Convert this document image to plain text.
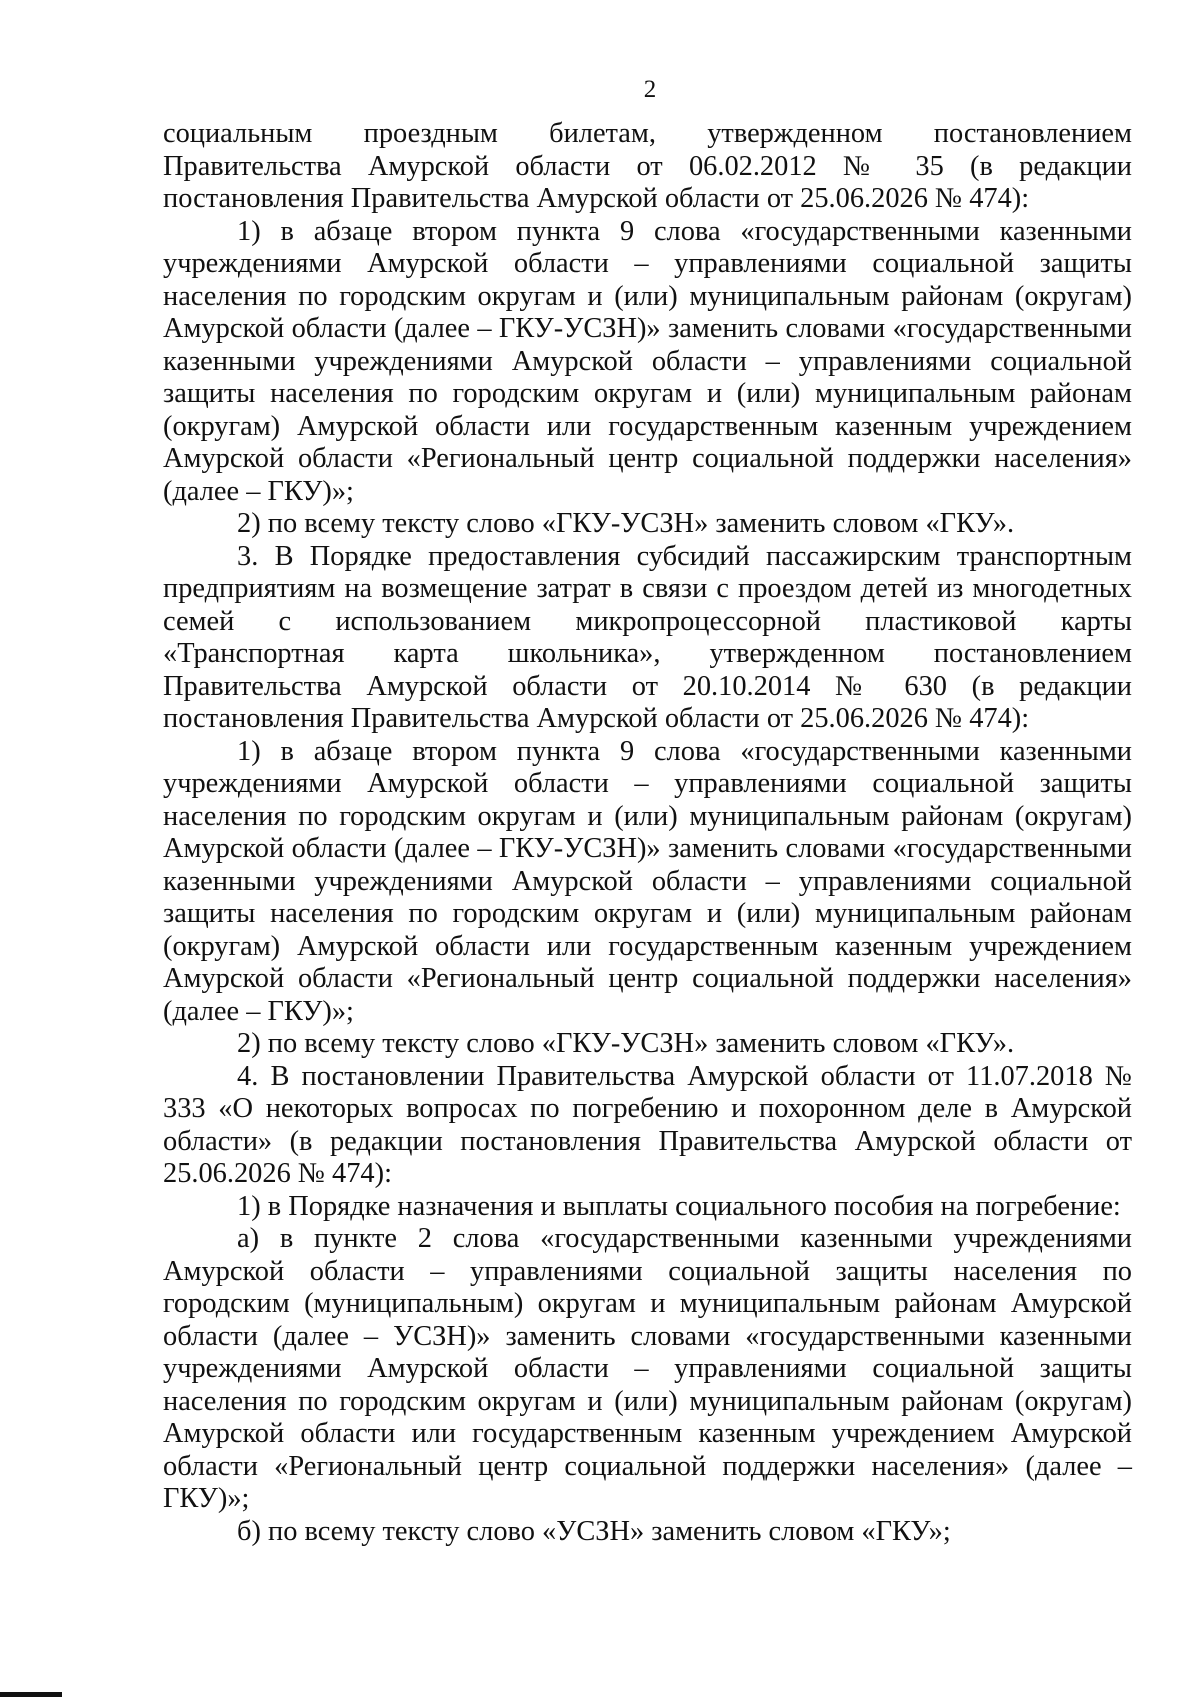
2

социальным проездным билетам, утвержденном постановлением Правительства Амурской области от 06.02.2012 № 35 (в редакции постановления Правительства Амурской области от 25.06.2026 № 474):

1) в абзаце втором пункта 9 слова «государственными казенными учреждениями Амурской области – управлениями социальной защиты населения по городским округам и (или) муниципальным районам (округам) Амурской области (далее – ГКУ-УСЗН)» заменить словами «государственными казенными учреждениями Амурской области – управлениями социальной защиты населения по городским округам и (или) муниципальным районам (округам) Амурской области или государственным казенным учреждением Амурской области «Региональный центр социальной поддержки населения» (далее – ГКУ)»;

2) по всему тексту слово «ГКУ-УСЗН» заменить словом «ГКУ».

3. В Порядке предоставления субсидий пассажирским транспортным предприятиям на возмещение затрат в связи с проездом детей из многодетных семей с использованием микропроцессорной пластиковой карты «Транспортная карта школьника», утвержденном постановлением Правительства Амурской области от 20.10.2014 № 630 (в редакции постановления Правительства Амурской области от 25.06.2026 № 474):

1) в абзаце втором пункта 9 слова «государственными казенными учреждениями Амурской области – управлениями социальной защиты населения по городским округам и (или) муниципальным районам (округам) Амурской области (далее – ГКУ-УСЗН)» заменить словами «государственными казенными учреждениями Амурской области – управлениями социальной защиты населения по городским округам и (или) муниципальным районам (округам) Амурской области или государственным казенным учреждением Амурской области «Региональный центр социальной поддержки населения» (далее – ГКУ)»;

2) по всему тексту слово «ГКУ-УСЗН» заменить словом «ГКУ».

4. В постановлении Правительства Амурской области от 11.07.2018 № 333 «О некоторых вопросах по погребению и похоронном деле в Амурской области» (в редакции постановления Правительства Амурской области от 25.06.2026 № 474):

1) в Порядке назначения и выплаты социального пособия на погребение:

а) в пункте 2 слова «государственными казенными учреждениями Амурской области – управлениями социальной защиты населения по городским (муниципальным) округам и муниципальным районам Амурской области (далее – УСЗН)» заменить словами «государственными казенными учреждениями Амурской области – управлениями социальной защиты населения по городским округам и (или) муниципальным районам (округам) Амурской области или государственным казенным учреждением Амурской области «Региональный центр социальной поддержки населения» (далее – ГКУ)»;

б) по всему тексту слово «УСЗН» заменить словом «ГКУ»;
